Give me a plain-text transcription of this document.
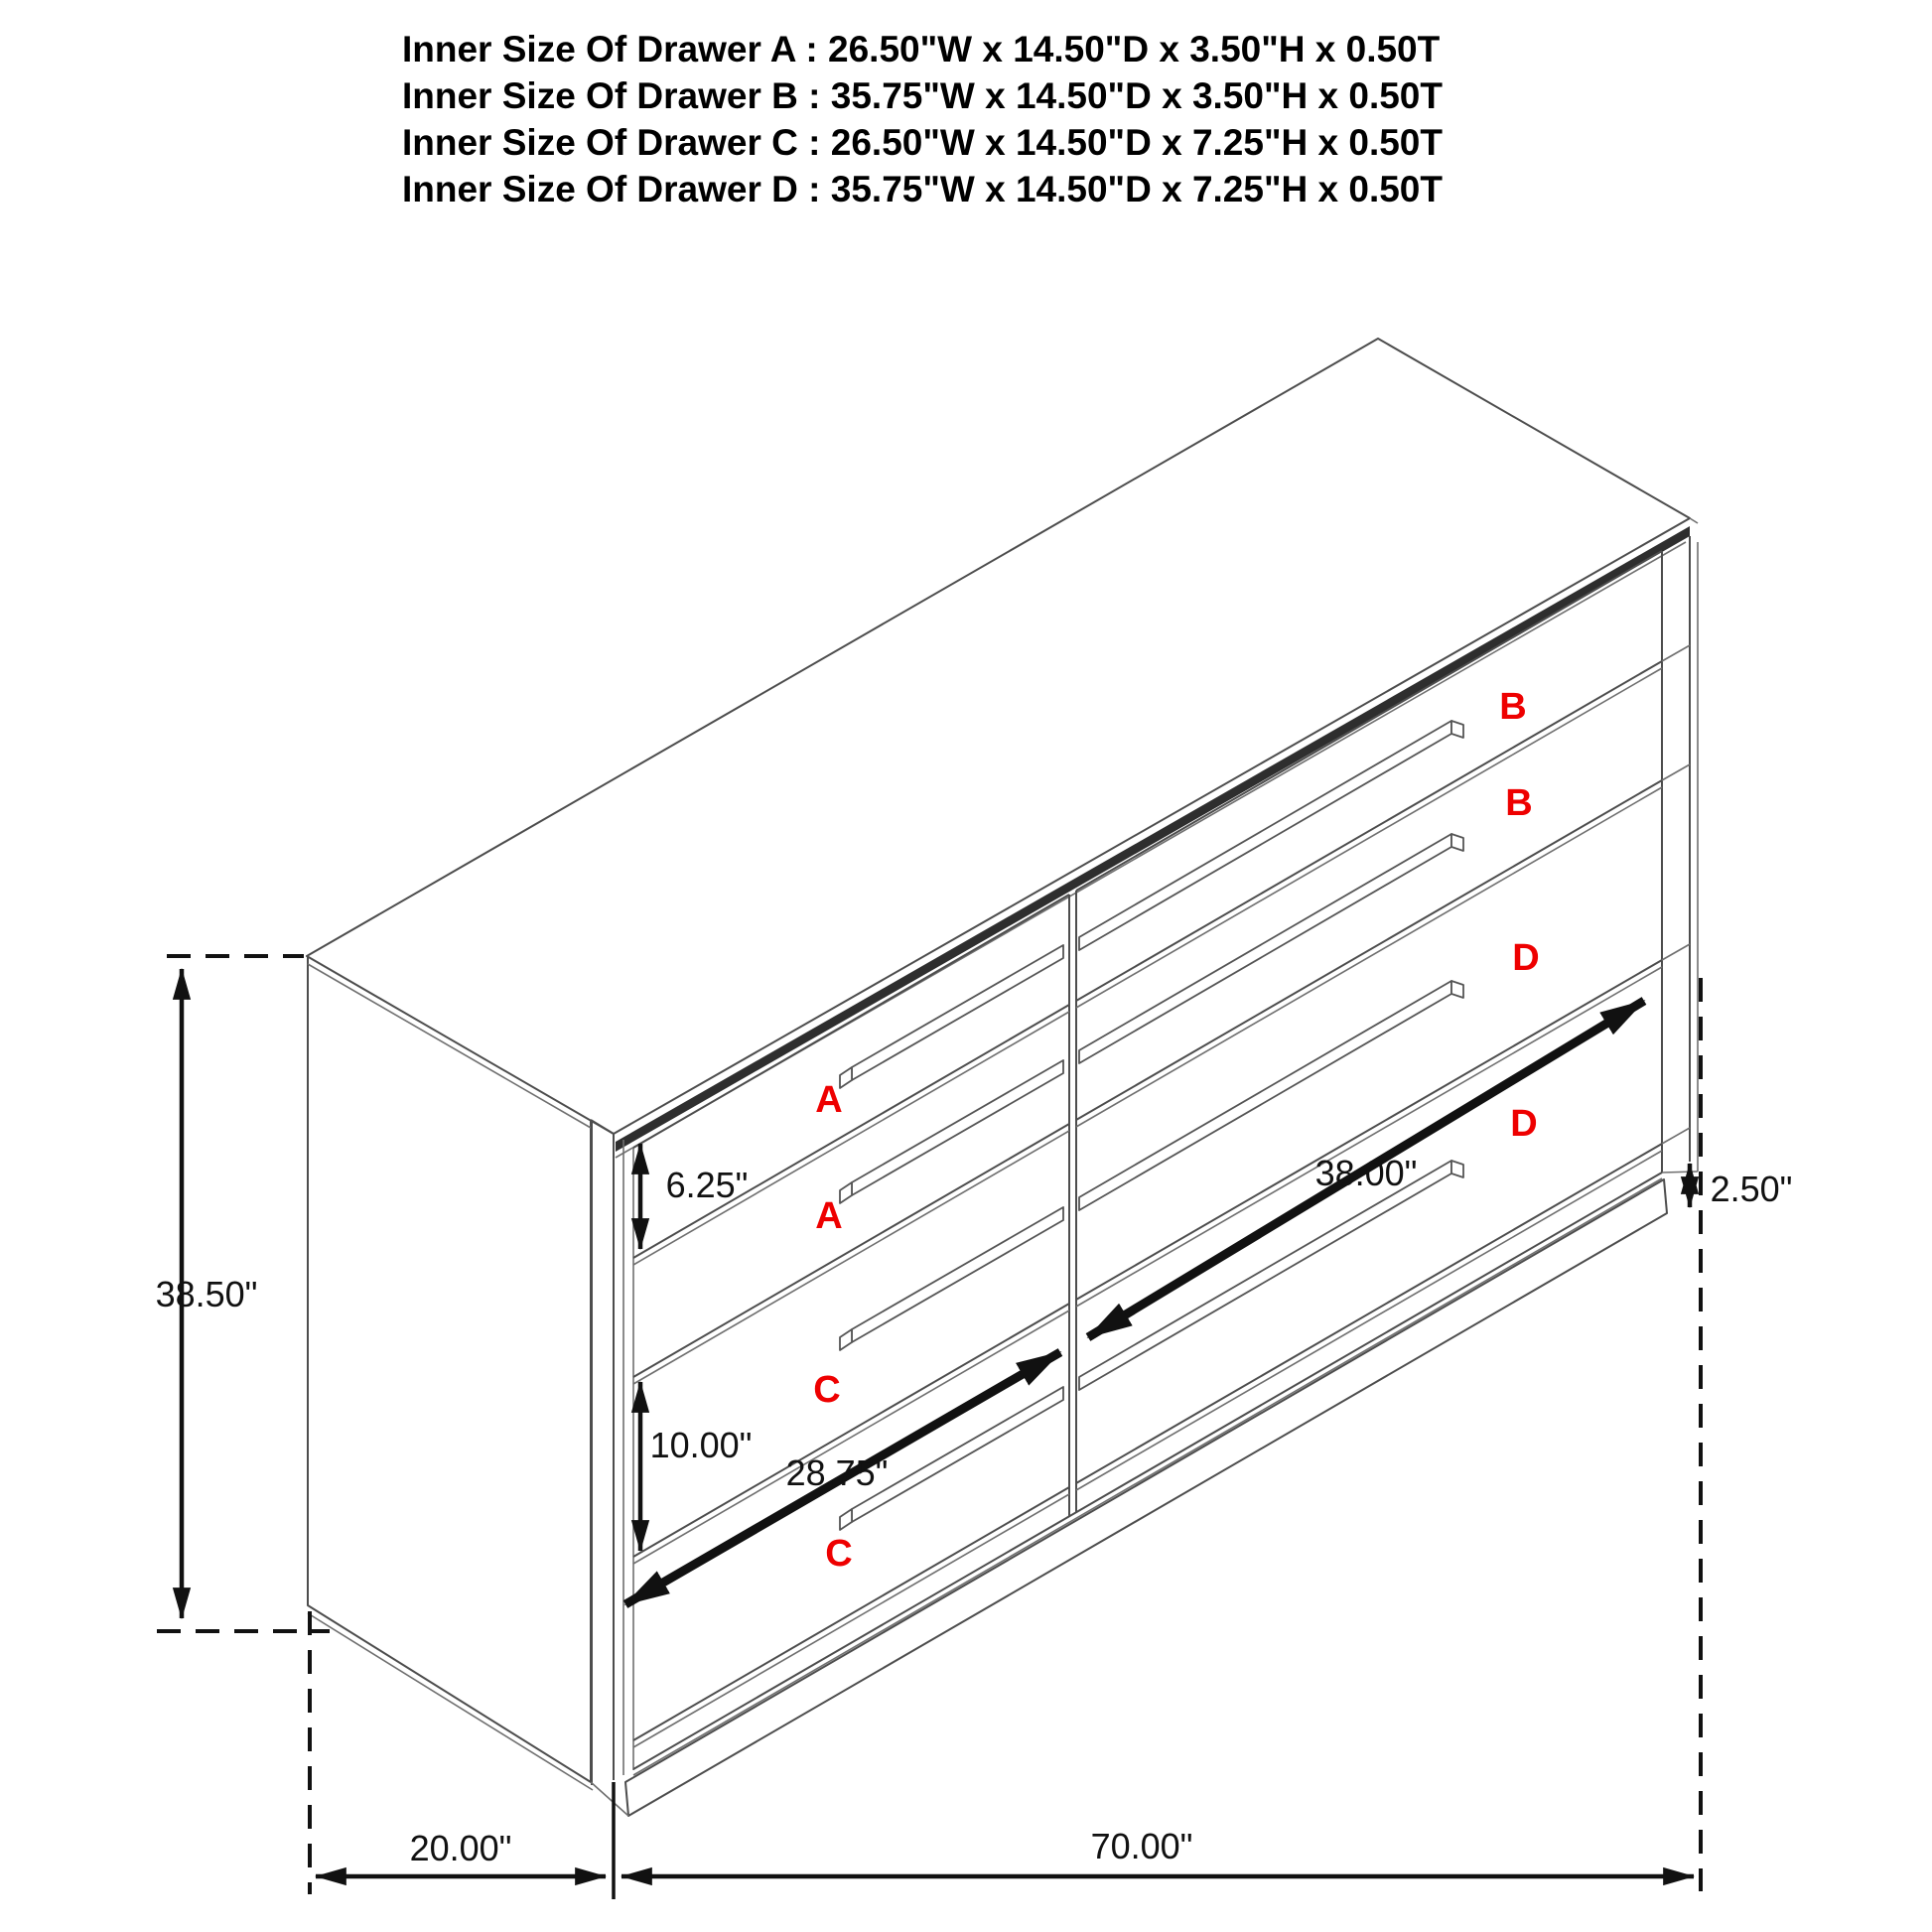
Inner Size Of Drawer A : 26.50"W x 14.50"D x 3.50"H x 0.50T
Inner Size Of Drawer B : 35.75"W x 14.50"D x 3.50"H x 0.50T
Inner Size Of Drawer C : 26.50"W x 14.50"D x 7.25"H x 0.50T
Inner Size Of Drawer D : 35.75"W x 14.50"D x 7.25"H x 0.50T
B
B
D
D
A
A
C
C
38.50"
6.25"
10.00"
28.75"
38.00"	2.50"
20.00"	70.00"
